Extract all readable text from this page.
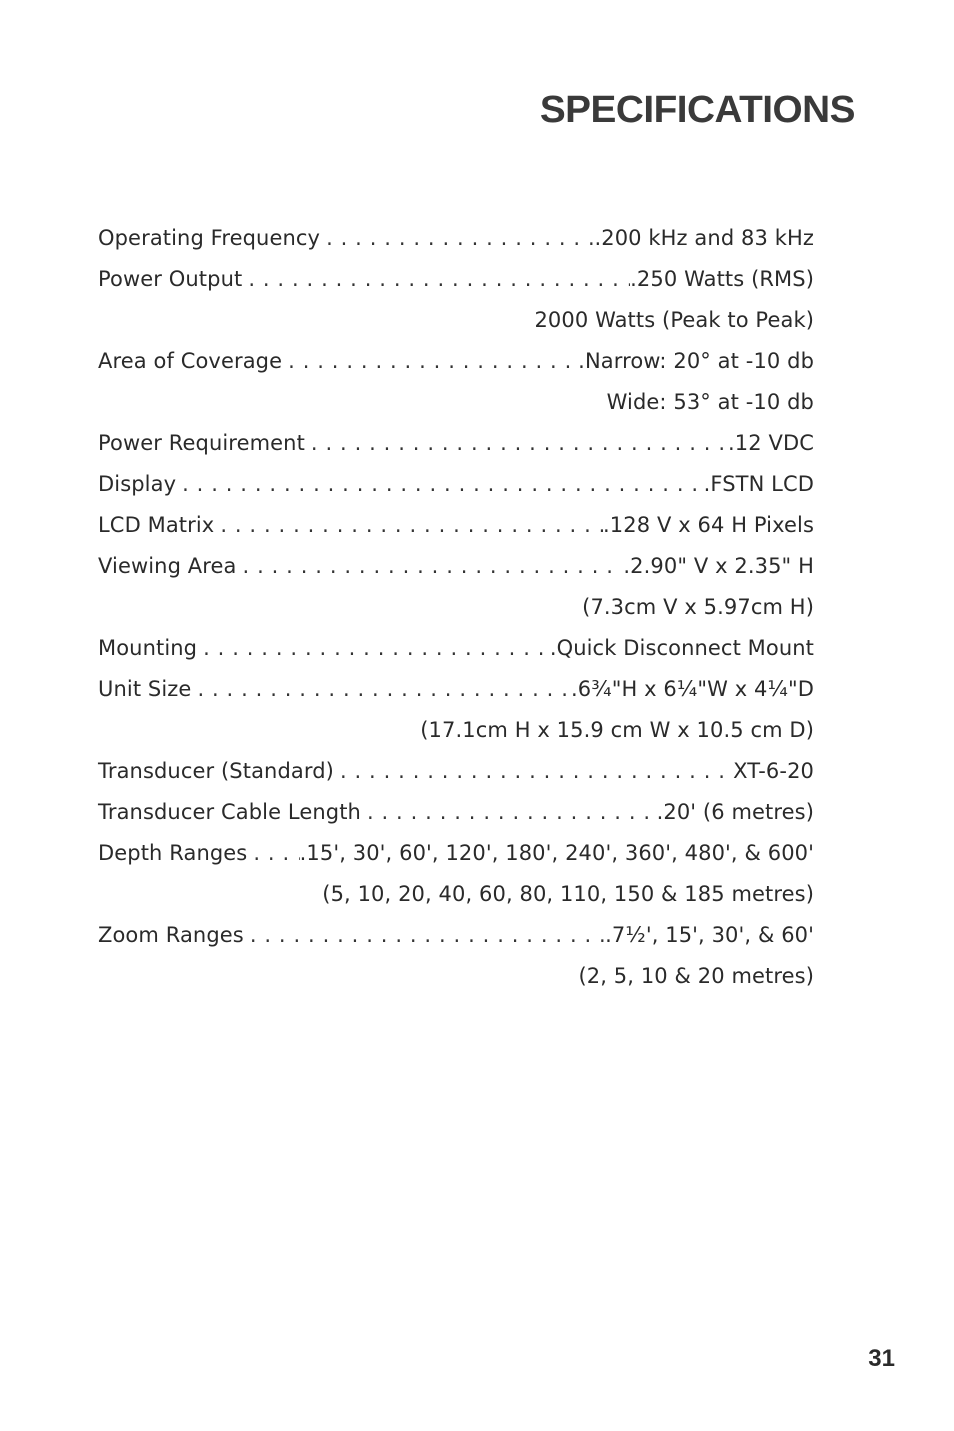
SPECIFICATIONS
Operating Frequency . . .	.200 kHz and 83 kHz
Power Output . . .	.250 Watts (RMS)
2000 Watts (Peak to Peak)
Area of Coverage . . .	.Narrow: 20° at -10 db
Wide: 53° at -10 db
Power Requirement . . .	.12 VDC
Display . . .	.FSTN LCD
LCD Matrix . . .	.128 V x 64 H Pixels
Viewing Area . . .	.2.90" V x 2.35" H
(7.3cm V x 5.97cm H)
Mounting . . .	.Quick Disconnect Mount
Unit Size . . .	.6¾"H x 6¼"W x 4¼"D
(17.1cm H x 15.9 cm W x 10.5 cm D)
Transducer (Standard) . . .	XT-6-20
Transducer Cable Length . . .	.20' (6 metres)
Depth Ranges . . . .15', 30', 60', 120', 180', 240', 360', 480', & 600'
(5, 10, 20, 40, 60, 80, 110, 150 & 185 metres)
Zoom Ranges . . .	.7½', 15', 30', & 60'
(2, 5, 10 & 20 metres)

31
